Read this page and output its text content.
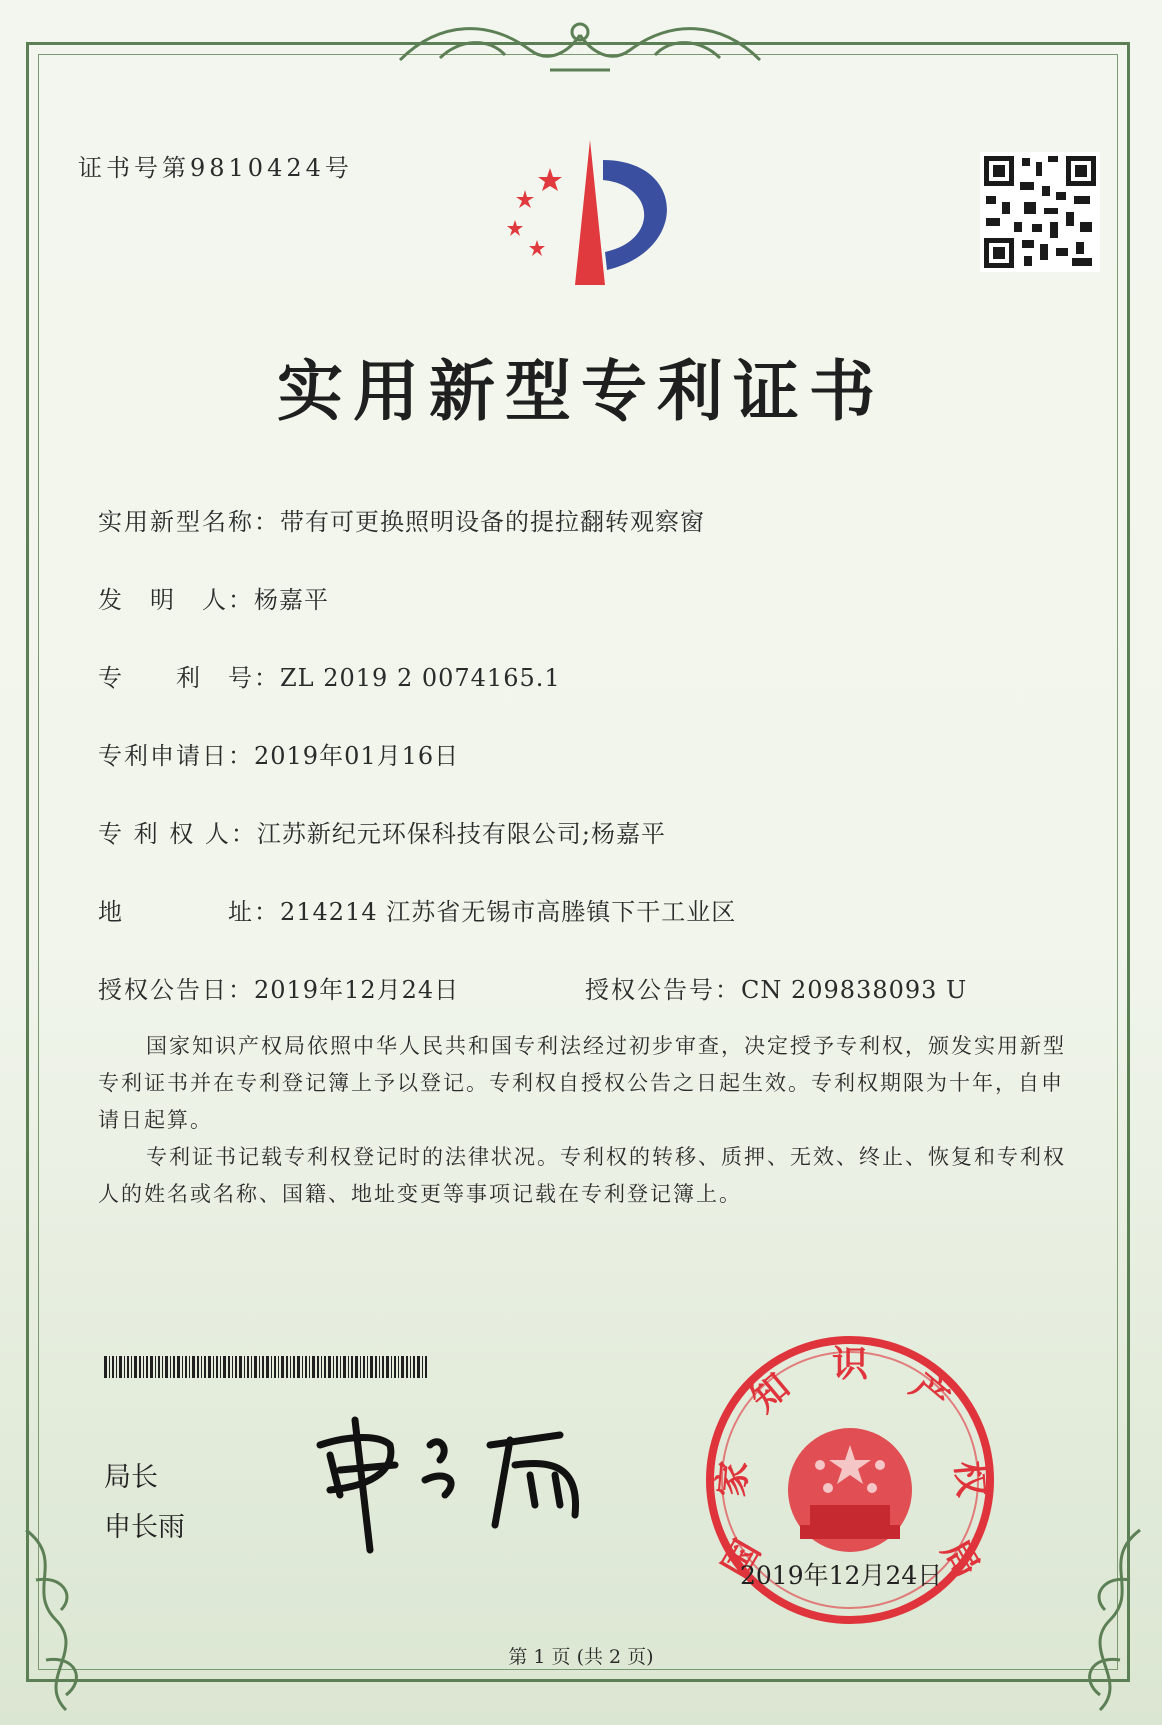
证书号第9810424号
实用新型专利证书
实用新型名称：带有可更换照明设备的提拉翻转观察窗
发　明　人：杨嘉平
专　　利　号：ZL 2019 2 0074165.1
专利申请日：2019年01月16日
专 利 权 人：江苏新纪元环保科技有限公司;杨嘉平
地　　　　址：214214 江苏省无锡市高塍镇下干工业区
授权公告日：2019年12月24日	授权公告号：CN 209838093 U

国家知识产权局依照中华人民共和国专利法经过初步审查，决定授予专利权，颁发实用新型专利证书并在专利登记簿上予以登记。专利权自授权公告之日起生效。专利权期限为十年，自申请日起算。

专利证书记载专利权登记时的法律状况。专利权的转移、质押、无效、终止、恢复和专利权人的姓名或名称、国籍、地址变更等事项记载在专利登记簿上。

局长
申长雨
国
家
知
识
产
权
局
2019年12月24日
第 1 页 (共 2 页)
